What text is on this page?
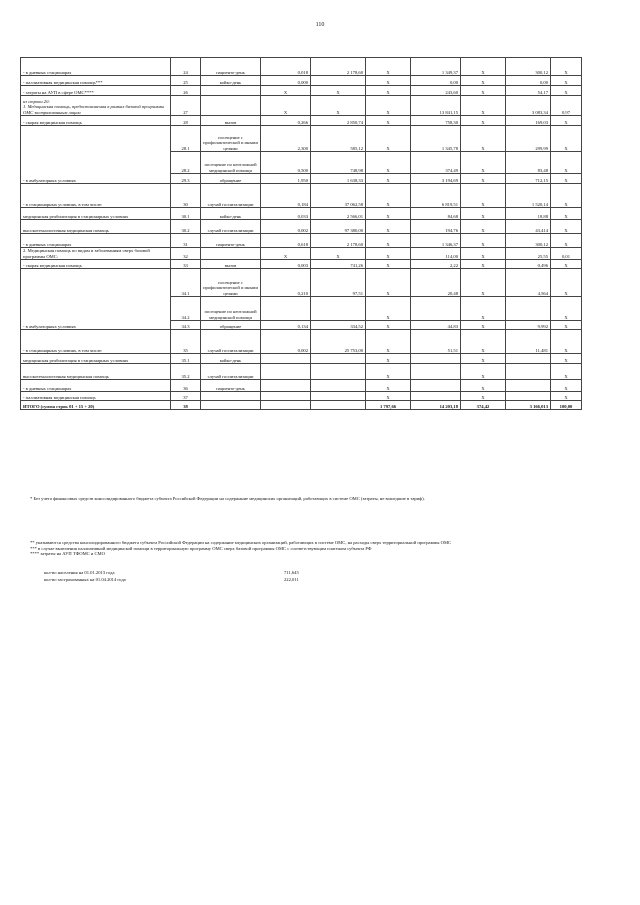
110
- в дневных стационарах	24	пациенто-день	0,018	2 178,60	X	1 349,37	X	300,12	X

- паллиативная медицинская помощь***	25	койко-день	0,000		X	0,00	X	0,00	X

- затраты на АУП в сфере ОМС****	26		X	X	X	243,60	X	54,17	X

из строки 20:
1. Медицинская помощь, предоставляемая в рамках базовой программы ОМС застрахованным лицам	27		X	X	X	13 841,15	X	3 083,34	0,97

- скорая медицинская помощь	28	вызов	0,266	2 850,74	X	758,30	X	169,03	X

- в амбулаторных условиях	28.1	посещение с профилактической и иными целями	2,300	585,12	X	1 345,78	X	299,99	X
	28.2	посещение по неотложной медицинской помощи	0,500	748,98	X	374,49	X	83,48	X
	29.3	обращение	1,950	1 638,33	X	3 194,69	X	712,15	X

- в стационарных условиях, в том числе:	30	случай госпитализации	0,184	37 062,58	X	6 819,51	X	1 520,14	X

медицинская реабилитация в стационарных условиях	30.1	койко-день	0,033	2 566,01	X	84,68	X	18,88	X

высокотехнологичная медицинская помощь	30.2	случай госпитализации	0,002	97 380,00	X	194,76	X	43,414	X

- в дневных стационарах	31	пациенто-день	0,618	2 178,60	X	1 346,37	X	300,12	X

2. Медицинская помощь по видам и заболеваниям сверх базовой программы ОМС:	32		X	X	X	114,00	X	25,55	0,01

- скорая медицинская помощь	33	вызов	0,003	741,26	X	2,22	X	0,496	X

- в амбулаторных условиях	34.1	посещение с профилактической и иными целями	0,210	97,51	X	20,48	X	4,564	X
	34.2	посещение по неотложной медицинской помощи			X		X		X
	34.3	обращение	0,134	334,52	X	44,83	X	9,992	X

- в стационарных условиях, в том числе:	35	случай госпитализации	0,002	25 753,00	X	51,51	X	11,481	X

медицинская реабилитация в стационарных условиях	35.1	койко-день			X		X		X

высокотехнологичная медицинская помощь	35.2	случай госпитализации			X		X		X

- в дневных стационарах	36	пациенто-день			X		X		X

- паллиативная медицинская помощь	37				X		X		X

ИТОГО (сумма строк 01 + 15 + 20)	38				1 797,66	14 203,18	374,42	3 166,013	100,00
* Без учета финансовых средств консолидированного бюджета субъекта Российской Федерации на содержание медицинских организаций, работающих в системе ОМС (затраты, не вошедшие в тариф).
** указываются средства консолидированного бюджета субъекта Российской Федерации на содержание медицинских организаций, работающих в системе ОМС, на расходы сверх территориальной программы ОМС
*** в случае включения паллиативной медицинской помощи в территориальную программу ОМС сверх базовой программы ОМС с соответствующим платежом субъекта РФ
**** затраты на АУП ТФОМС и СМО
кол-во населения на 01.01.2013 года	711,645
кол-во застрахованных на 01.04.2014 года	222,011
